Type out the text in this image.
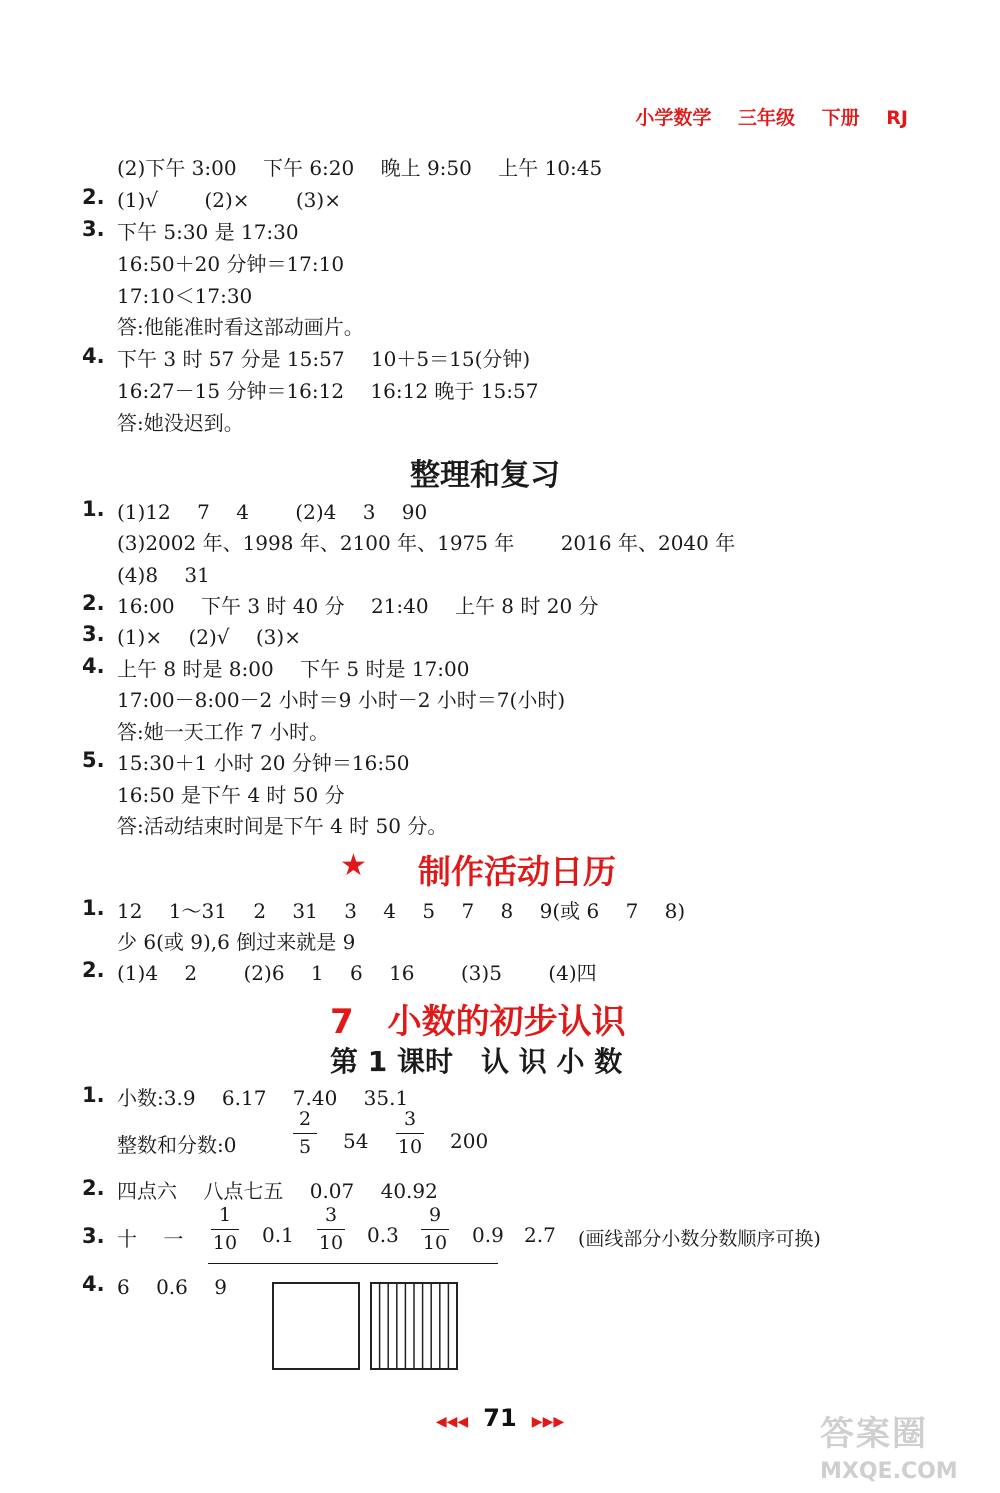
小学数学 三年级 下册 RJ
(2)下午 3:00　 下午 6:20　 晚上 9:50　 上午 10:45
2. (1)√　　 (2)×　　 (3)×
3. 下午 5:30 是 17:30
16:50＋20 分钟＝17:10
17:10＜17:30
答:他能准时看这部动画片。
4. 下午 3 时 57 分是 15:57　 10＋5＝15(分钟)
16:27－15 分钟＝16:12　 16:12 晚于 15:57
答:她没迟到。
整理和复习
1. (1)12　 7　 4　　 (2)4　 3　 90
(3)2002 年、1998 年、2100 年、1975 年　　 2016 年、2040 年
(4)8　 31
2. 16:00　 下午 3 时 40 分　 21:40　 上午 8 时 20 分
3. (1)×　 (2)√　 (3)×
4. 上午 8 时是 8:00　 下午 5 时是 17:00
17:00－8:00－2 小时＝9 小时－2 小时＝7(小时)
答:她一天工作 7 小时。
5. 15:30＋1 小时 20 分钟＝16:50
16:50 是下午 4 时 50 分
答:活动结束时间是下午 4 时 50 分。
★ 制作活动日历
1. 12　 1～31　 2　 31　 3　 4　 5　 7　 8　 9(或 6　 7　 8)
少 6(或 9),6 倒过来就是 9
2. (1)4　 2　　 (2)6　 1　 6　 16　　 (3)5　　 (4)四
7　小数的初步认识
第 1 课时　认 识 小 数
1. 小数:3.9　 6.17　 7.40　 35.1
整数和分数:0
2
5 54
3
10 200
2. 四点六　 八点七五　 0.07　 40.92
3. 十　 一
1
10 0.1
3
10 0.3
9
10 0.9 2.7 (画线部分小数分数顺序可换)
4. 6　 0.6　 9
◀◀◀ 71 ▶▶▶	答案圈
MXQE.COM
